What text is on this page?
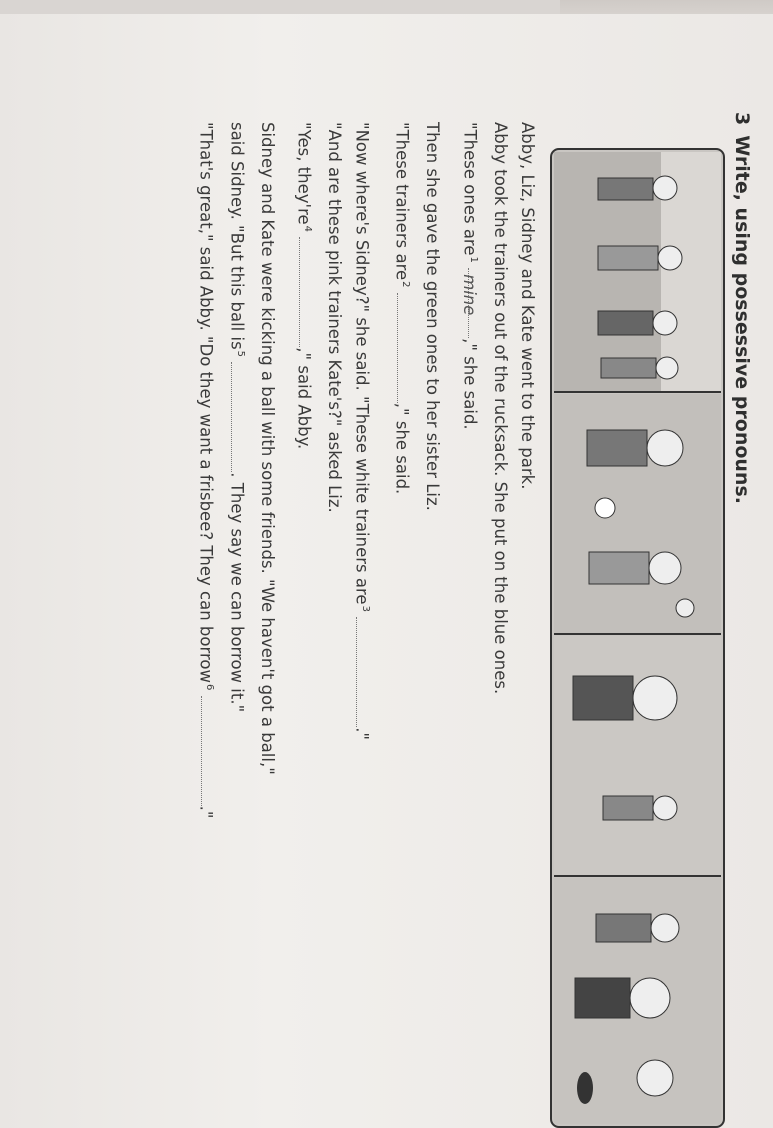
3Write, using possessive pronouns.
Abby, Liz, Sidney and Kate went to the park.
Abby took the trainers out of the rucksack. She put on the blue ones.
"These ones are$^1$ mine," she said.
Then she gave the green ones to her sister Liz.
"These trainers are$^2$ ," she said.
"Now where's Sidney?" she said. "These white trainers are$^3$ ."
"And are these pink trainers Kate's?" asked Liz.
"Yes, $they're^4$ ," said Abby.
Sidney and Kate were kicking a ball with some friends. "We haven't got a ball,"
said Sidney. "But this ball $is^5$ . They say we can borrow it."
"That's great," said Abby. "Do they want a frisbee? They can borrow$^6$ ."
